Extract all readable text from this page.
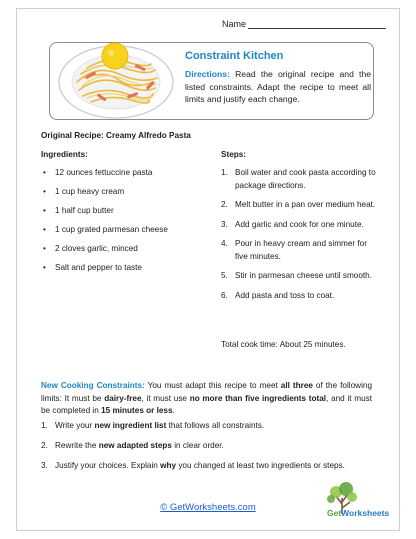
Name
Constraint Kitchen
Directions: Read the original recipe and the listed constraints. Adapt the recipe to meet all limits and justify each change.
Original Recipe: Creamy Alfredo Pasta
Ingredients:	Steps:
• 12 ounces fettuccine pasta
• 1 cup heavy cream
• 1 half cup butter
• 1 cup grated parmesan cheese
• 2 cloves garlic, minced
• Salt and pepper to taste
1. Boil water and cook pasta according to package directions.
2. Melt butter in a pan over medium heat.
3. Add garlic and cook for one minute.
4. Pour in heavy cream and simmer for five minutes.
5. Stir in parmesan cheese until smooth.
6. Add pasta and toss to coat.
Total cook time: About 25 minutes.
New Cooking Constraints: You must adapt this recipe to meet all three of the following limits: It must be dairy-free, it must use no more than five ingredients total, and it must be completed in 15 minutes or less.
1. Write your new ingredient list that follows all constraints.
2. Rewrite the new adapted steps in clear order.
3. Justify your choices. Explain why you changed at least two ingredients or steps.
© GetWorksheets.com	GetWorksheets
